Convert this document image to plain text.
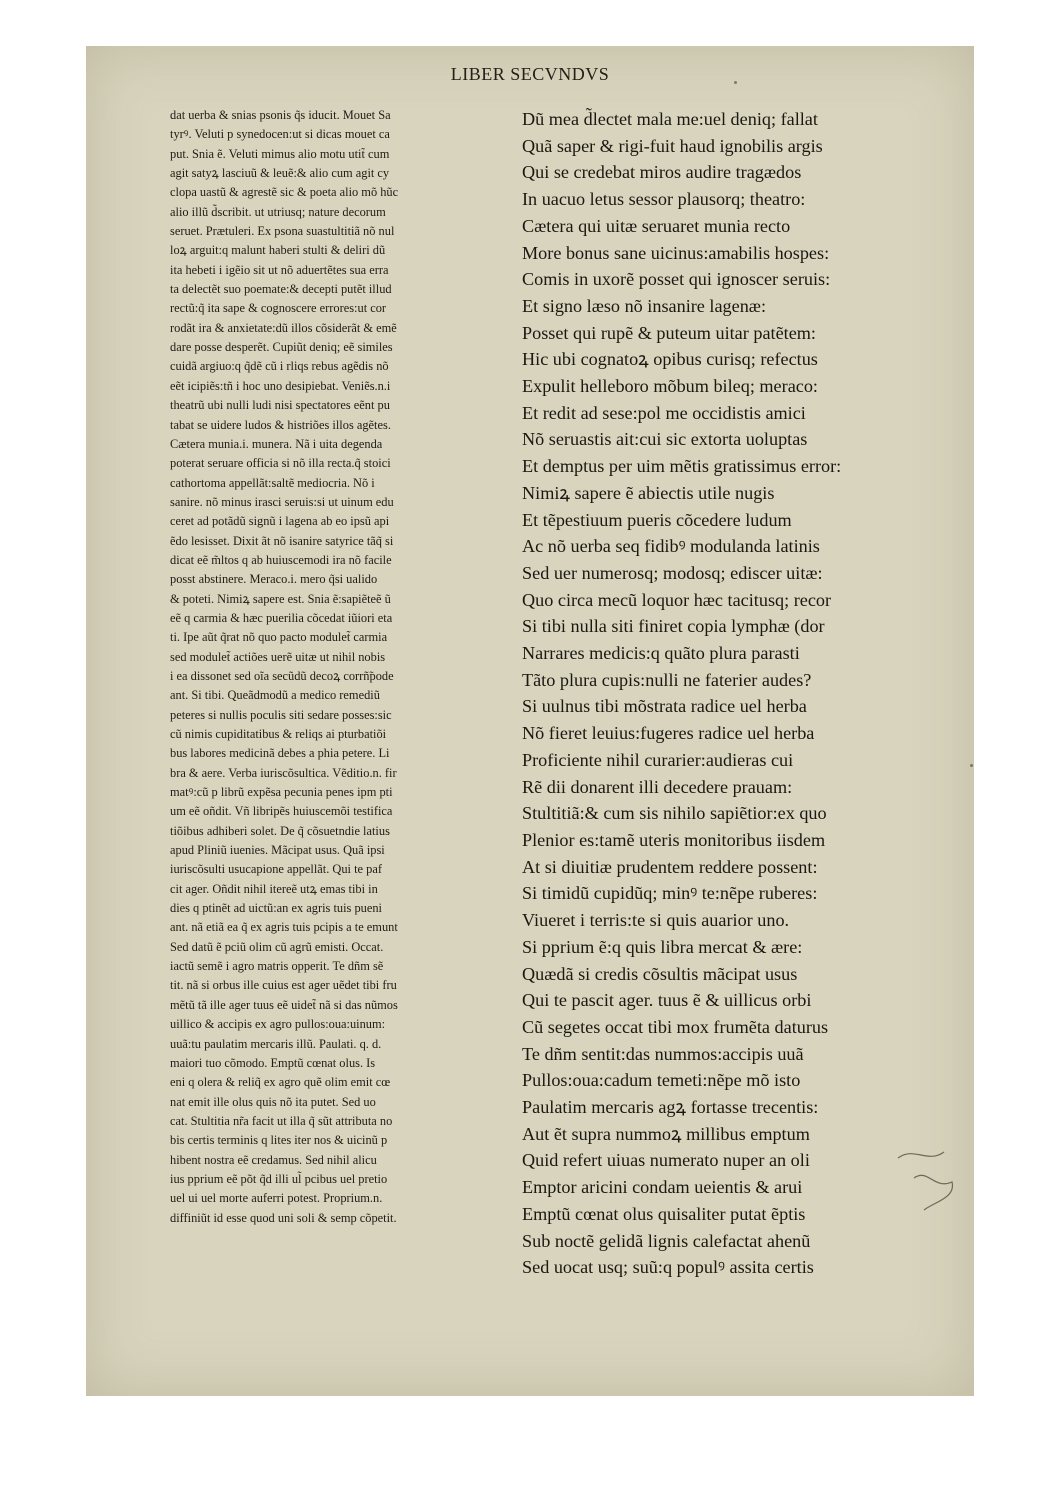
LIBER SECVNDVS
dat uerba & snias psonis q̃s iducit. Mouet Sa
tyrꝰ. Veluti p synedocen:ut si dicas mouet ca
put. Snia ẽ. Veluti mimus alio motu utit̃ cum
agit satyꝝ lasciuũ & leuẽ:& alio cum agit cy
clopa uastũ & agrestẽ sic & poeta alio mõ hũc
alio illũ d̃scribit. ut utriusq; nature decorum
seruet. Prætuleri. Ex psona suastultitiã nõ nul
loꝝ arguit:q malunt haberi stulti & deliri dũ
ita hebeti i igẽio sit ut nõ aduertẽtes sua erra
ta delectẽt suo poemate:& decepti putẽt illud
rectũ:q̃ ita sape & cognoscere errores:ut cor
rodãt ira & anxietate:dũ illos cõsiderãt & emẽ
dare posse desperẽt. Cupiũt deniq; eẽ similes
cuidã argiuo:q q̃dẽ cũ i rliqs rebus agẽdis nõ
eẽt icipiẽs:tñ i hoc uno desipiebat. Veniẽs.n.i
theatrũ ubi nulli ludi nisi spectatores eẽnt pu
tabat se uidere ludos & histriões illos agẽtes.
Cætera munia.i. munera. Nã i uita degenda
poterat seruare officia si nõ illa recta.q̃ stoici
cathortoma appellãt:saltẽ mediocria. Nõ i
sanire. nõ minus irasci seruis:si ut uinum edu
ceret ad potãdũ signũ i lagena ab eo ipsũ api
ẽdo lesisset. Dixit ãt nõ isanire satyrice tãq̃ si
dicat eẽ m̃ltos q ab huiuscemodi ira nõ facile
posst abstinere. Meraco.i. mero q̃si ualido
& poteti. Nimiꝝ sapere est. Snia ẽ:sapiẽteẽ ũ
eẽ q carmia & hæc puerilia cõcedat iũiori eta
ti. Ipe aũt q̃rat nõ quo pacto modulet̃ carmia
sed modulet̃ actiões uerẽ uitæ ut nihil nobis
i ea dissonet sed oĩa secũdũ decoꝝ corrñ̃pode
ant. Si tibi. Queãdmodũ a medico remediũ
peteres si nullis poculis siti sedare posses:sic
cũ nimis cupiditatibus & reliqs ai pturbatiõi
bus labores medicinã debes a phia petere. Li
bra & aere. Verba iuriscõsultica. Vẽditio.n. fir
matꝰ:cũ p librũ expẽsa pecunia penes ipm pti
um eẽ oñdit. Vñ libripẽs huiuscemõi testifica
tiõibus adhiberi solet. De q̃ cõsuetndie latius
apud Pliniũ iuenies. Mãcipat usus. Quã ipsi
iuriscõsulti usucapione appellãt. Qui te paf
cit ager. Oñdit nihil itereẽ utꝝ emas tibi in
dies q ptinẽt ad uictũ:an ex agris tuis pueni
ant. nã etiã ea q̃ ex agris tuis pcipis a te emunt
Sed datũ ẽ pciũ olim cũ agrũ emisti. Occat.
iactũ semẽ i agro matris opperit. Te dñm sẽ
tit. nã si orbus ille cuius est ager uẽdet tibi fru
mẽtũ tã ille ager tuus eẽ uidet̃ nã si das nũmos
uillico & accipis ex agro pullos:oua:uinum:
uuã:tu paulatim mercaris illũ. Paulati. q. d.
maiori tuo cõmodo. Emptũ cœnat olus. Is
eni q olera & reliq̃ ex agro quẽ olim emit cœ
nat emit ille olus quis nõ ita putet. Sed uo
cat. Stultitia nr̃a facit ut illa q̃ sũt attributa no
bis certis terminis q lites iter nos & uicinũ p
hibent nostra eẽ credamus. Sed nihil alicu
ius pprium eẽ põt q̃d illi ul̃ pcibus uel pretio
uel ui uel morte auferri potest. Proprium.n.
diffiniũt id esse quod uni soli & semp cõpetit.
Dũ mea d̃lectet mala me:uel deniq; fallat
Quã saper & rigi-fuit haud ignobilis argis
Qui se credebat miros audire tragædos
In uacuo letus sessor plausorq; theatro:
Cætera qui uitæ seruaret munia recto
More bonus sane uicinus:amabilis hospes:
Comis in uxorẽ posset qui ignoscer seruis:
Et signo læso nõ insanire lagenæ:
Posset qui rupẽ & puteum uitar patẽtem:
Hic ubi cognatoꝝ opibus curisq; refectus
Expulit helleboro mõbum bileq; meraco:
Et redit ad sese:pol me occidistis amici
Nõ seruastis ait:cui sic extorta uoluptas
Et demptus per uim mẽtis gratissimus error:
Nimiꝝ sapere ẽ abiectis utile nugis
Et tẽpestiuum pueris cõcedere ludum
Ac nõ uerba seq fidibꝰ modulanda latinis
Sed uer numerosq; modosq; ediscer uitæ:
Quo circa mecũ loquor hæc tacitusq; recor
Si tibi nulla siti finiret copia lymphæ (dor
Narrares medicis:q quãto plura parasti
Tãto plura cupis:nulli ne faterier audes?
Si uulnus tibi mõstrata radice uel herba
Nõ fieret leuius:fugeres radice uel herba
Proficiente nihil curarier:audieras cui
Rẽ dii donarent illi decedere prauam:
Stultitiã:& cum sis nihilo sapiẽtior:ex quo
Plenior es:tamẽ uteris monitoribus iisdem
At si diuitiæ prudentem reddere possent:
Si timidũ cupidũq; minꝰ te:nẽpe ruberes:
Viueret i terris:te si quis auarior uno.
Si pprium ẽ:q quis libra mercat & ære:
Quædã si credis cõsultis mãcipat usus
Qui te pascit ager. tuus ẽ & uillicus orbi
Cũ segetes occat tibi mox frumẽta daturus
Te dñm sentit:das nummos:accipis uuã
Pullos:oua:cadum temeti:nẽpe mõ isto
Paulatim mercaris agꝝ fortasse trecentis:
Aut ẽt supra nummoꝝ millibus emptum
Quid refert uiuas numerato nuper an oli
Emptor aricini condam ueientis & arui
Emptũ cœnat olus quisaliter putat ẽptis
Sub noctẽ gelidã lignis calefactat ahenũ
Sed uocat usq; suũ:q populꝰ assita certis
